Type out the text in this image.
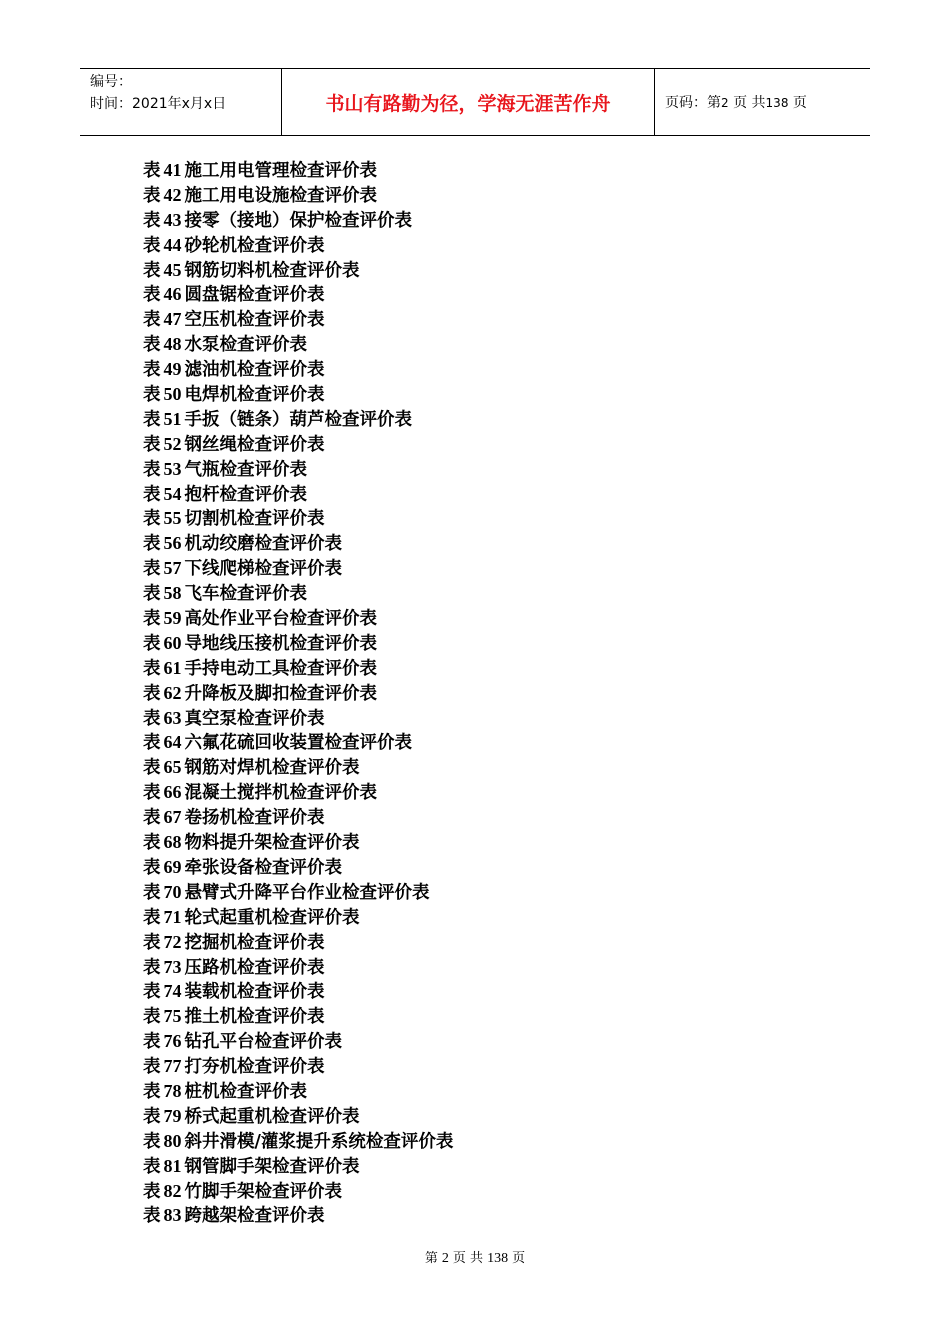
编号：
时间：2021年x月x日	书山有路勤为径，学海无涯苦作舟	页码：第2 页 共138 页
表 41 施工用电管理检查评价表
表 42 施工用电设施检查评价表
表 43 接零（接地）保护检查评价表
表 44 砂轮机检查评价表
表 45 钢筋切料机检查评价表
表 46 圆盘锯检查评价表
表 47 空压机检查评价表
表 48 水泵检查评价表
表 49 滤油机检查评价表
表 50 电焊机检查评价表
表 51 手扳（链条）葫芦检查评价表
表 52 钢丝绳检查评价表
表 53 气瓶检查评价表
表 54 抱杆检查评价表
表 55 切割机检查评价表
表 56 机动绞磨检查评价表
表 57 下线爬梯检查评价表
表 58 飞车检查评价表
表 59 高处作业平台检查评价表
表 60 导地线压接机检查评价表
表 61 手持电动工具检查评价表
表 62 升降板及脚扣检查评价表
表 63 真空泵检查评价表
表 64 六氟花硫回收装置检查评价表
表 65 钢筋对焊机检查评价表
表 66 混凝土搅拌机检查评价表
表 67 卷扬机检查评价表
表 68 物料提升架检查评价表
表 69 牵张设备检查评价表
表 70 悬臂式升降平台作业检查评价表
表 71 轮式起重机检查评价表
表 72 挖掘机检查评价表
表 73 压路机检查评价表
表 74 装载机检查评价表
表 75 推土机检查评价表
表 76 钻孔平台检查评价表
表 77 打夯机检查评价表
表 78 桩机检查评价表
表 79 桥式起重机检查评价表
表 80 斜井滑模/灌浆提升系统检查评价表
表 81 钢管脚手架检查评价表
表 82 竹脚手架检查评价表
表 83 跨越架检查评价表
第 2 页 共 138 页
